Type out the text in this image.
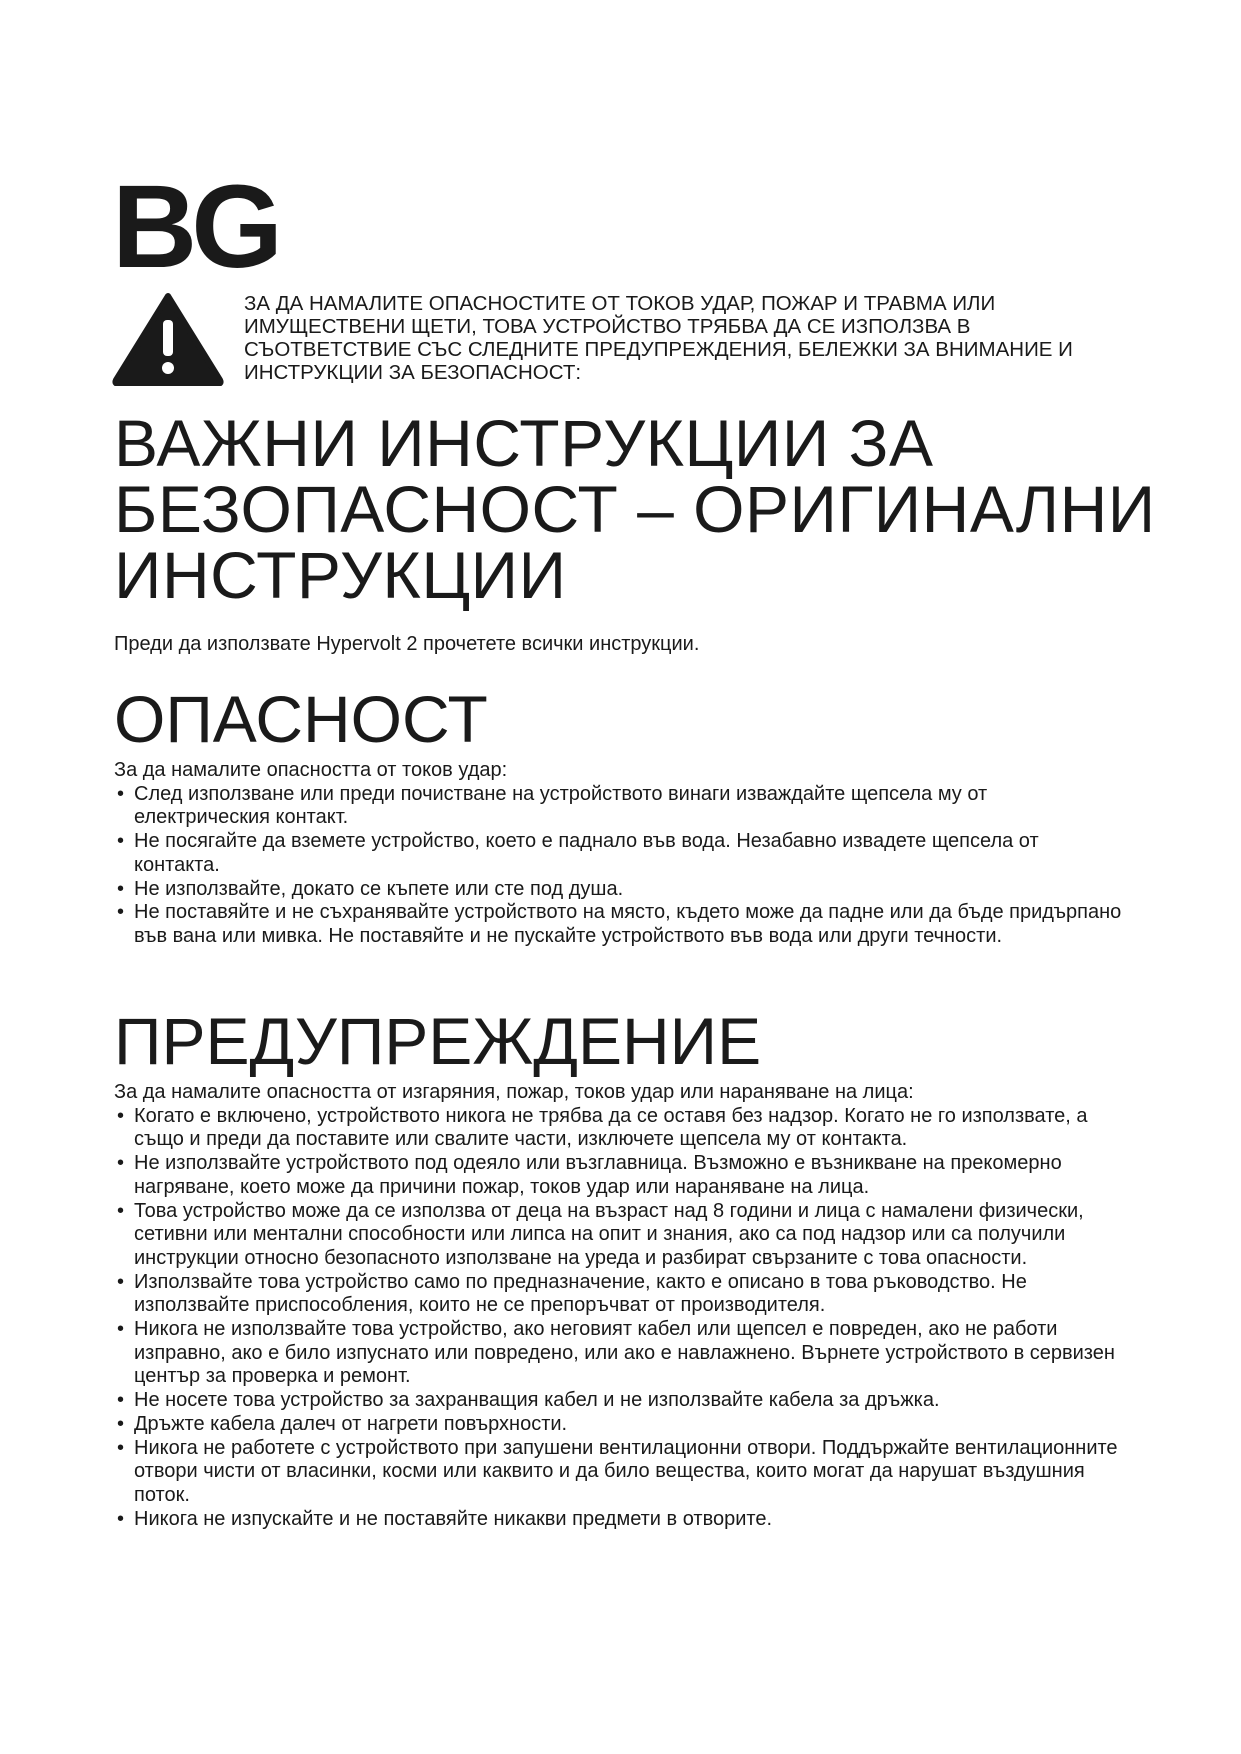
BG
ЗА ДА НАМАЛИТЕ ОПАСНОСТИТЕ ОТ ТОКОВ УДАР, ПОЖАР И ТРАВМА ИЛИ ИМУЩЕСТВЕНИ ЩЕТИ, ТОВА УСТРОЙСТВО ТРЯБВА ДА СЕ ИЗПОЛЗВА В СЪОТВЕТСТВИЕ СЪС СЛЕДНИТЕ ПРЕДУПРЕЖДЕНИЯ, БЕЛЕЖКИ ЗА ВНИМАНИЕ И ИНСТРУКЦИИ ЗА БЕЗОПАСНОСТ:
ВАЖНИ ИНСТРУКЦИИ ЗА БЕЗОПАСНОСТ – ОРИГИНАЛНИ ИНСТРУКЦИИ
Преди да използвате Hypervolt 2 прочетете всички инструкции.
ОПАСНОСТ

За да намалите опасността от токов удар:

• След използване или преди почистване на устройството винаги изваждайте щепсела му от електрическия контакт.
• Не посягайте да вземете устройство, което е паднало във вода. Незабавно извадете щепсела от контакта.
• Не използвайте, докато се къпете или сте под душа.
• Не поставяйте и не съхранявайте устройството на място, където може да падне или да бъде придърпано във вана или мивка. Не поставяйте и не пускайте устройството във вода или други течности.
ПРЕДУПРЕЖДЕНИЕ

За да намалите опасността от изгаряния, пожар, токов удар или нараняване на лица:

• Когато е включено, устройството никога не трябва да се оставя без надзор. Когато не го използвате, а също и преди да поставите или свалите части, изключете щепсела му от контакта.
• Не използвайте устройството под одеяло или възглавница. Възможно е възникване на прекомерно нагряване, което може да причини пожар, токов удар или нараняване на лица.
• Това устройство може да се използва от деца на възраст над 8 години и лица с намалени физически, сетивни или ментални способности или липса на опит и знания, ако са под надзор или са получили инструкции относно безопасното използване на уреда и разбират свързаните с това опасности.
• Използвайте това устройство само по предназначение, както е описано в това ръководство. Не използвайте приспособления, които не се препоръчват от производителя.
• Никога не използвайте това устройство, ако неговият кабел или щепсел е повреден, ако не работи изправно, ако е било изпуснато или повредено, или ако е навлажнено. Върнете устройството в сервизен център за проверка и ремонт.
• Не носете това устройство за захранващия кабел и не използвайте кабела за дръжка.
• Дръжте кабела далеч от нагрети повърхности.
• Никога не работете с устройството при запушени вентилационни отвори. Поддържайте вентилационните отвори чисти от власинки, косми или каквито и да било вещества, които могат да нарушат въздушния поток.
• Никога не изпускайте и не поставяйте никакви предмети в отворите.
